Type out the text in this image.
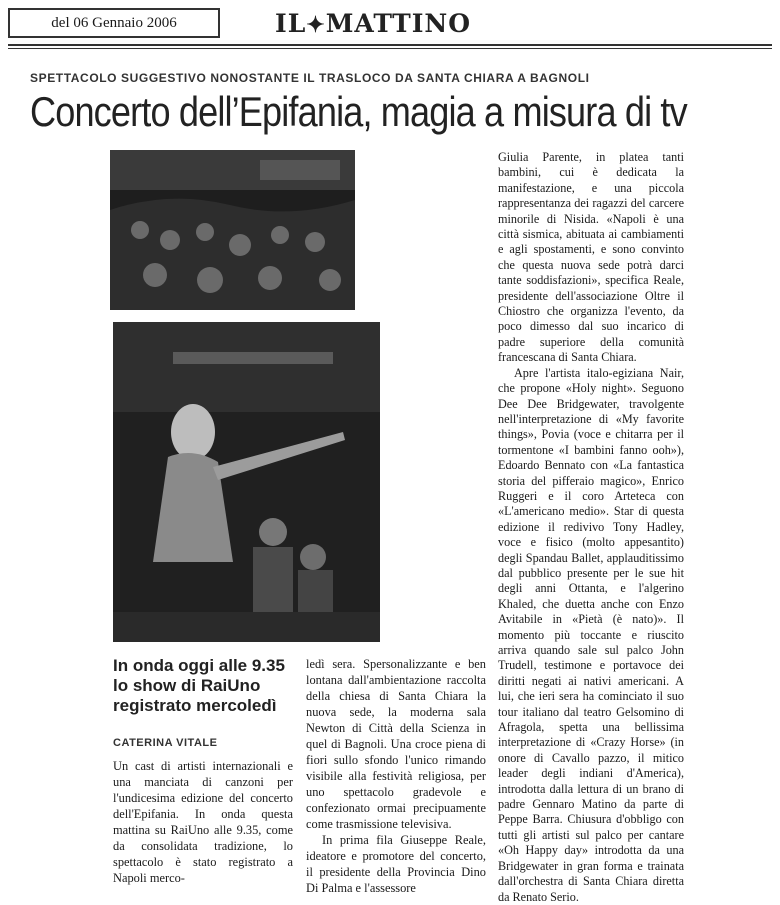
del 06 Gennaio 2006	IL✦MATTINO
SPETTACOLO SUGGESTIVO NONOSTANTE IL TRASLOCO DA SANTA CHIARA A BAGNOLI
Concerto dell’Epifania, magia a misura di tv
In onda oggi alle 9.35 lo show di RaiUno registrato mercoledì
CATERINA VITALE

Un cast di artisti internazionali e una manciata di canzoni per l'undicesima edizione del concerto dell'Epifania. In onda questa mattina su RaiUno alle 9.35, come da consolidata tradizione, lo spettacolo è stato registrato a Napoli merco-

ledì sera. Spersonalizzante e ben lontana dall'ambientazione raccolta della chiesa di Santa Chiara la nuova sede, la moderna sala Newton di Città della Scienza in quel di Bagnoli. Una croce piena di fiori sullo sfondo l'unico rimando visibile alla festività religiosa, per uno spettacolo gradevole e confezionato ormai precipuamente come trasmissione televisiva.

In prima fila Giuseppe Reale, ideatore e promotore del concerto, il presidente della Provincia Dino Di Palma e l'assessore

Giulia Parente, in platea tanti bambini, cui è dedicata la manifestazione, e una piccola rappresentanza dei ragazzi del carcere minorile di Nisida. «Napoli è una città sismica, abituata ai cambiamenti e agli spostamenti, e sono convinto che questa nuova sede potrà darci tante soddisfazioni», specifica Reale, presidente dell'associazione Oltre il Chiostro che organizza l'evento, da poco dimesso dal suo incarico di padre superiore della comunità francescana di Santa Chiara.

Apre l'artista italo-egiziana Nair, che propone «Holy night». Seguono Dee Dee Bridgewater, travolgente nell'interpretazione di «My favorite things», Povia (voce e chitarra per il tormentone «I bambini fanno ooh»), Edoardo Bennato con «La fantastica storia del pifferaio magico», Enrico Ruggeri e il coro Arteteca con «L'americano medio». Star di questa edizione il redivivo Tony Hadley, voce e fisico (molto appesantito) degli Spandau Ballet, applauditissimo dal pubblico presente per le sue hit degli anni Ottanta, e l'algerino Khaled, che duetta anche con Enzo Avitabile in «Pietà (è nato)». Il momento più toccante e riuscito arriva quando sale sul palco John Trudell, testimone e portavoce dei diritti negati ai nativi americani. A lui, che ieri sera ha cominciato il suo tour italiano dal teatro Gelsomino di Afragola, spetta una bellissima interpretazione di «Crazy Horse» (in onore di Cavallo pazzo, il mitico leader degli indiani d'America), introdotta dalla lettura di un brano di padre Gennaro Matino da parte di Peppe Barra. Chiusura d'obbligo con tutti gli artisti sul palco per cantare «Oh Happy day» introdotta da una Bridgewater in gran forma e trainata dall'orchestra di Santa Chiara diretta da Renato Serio.
